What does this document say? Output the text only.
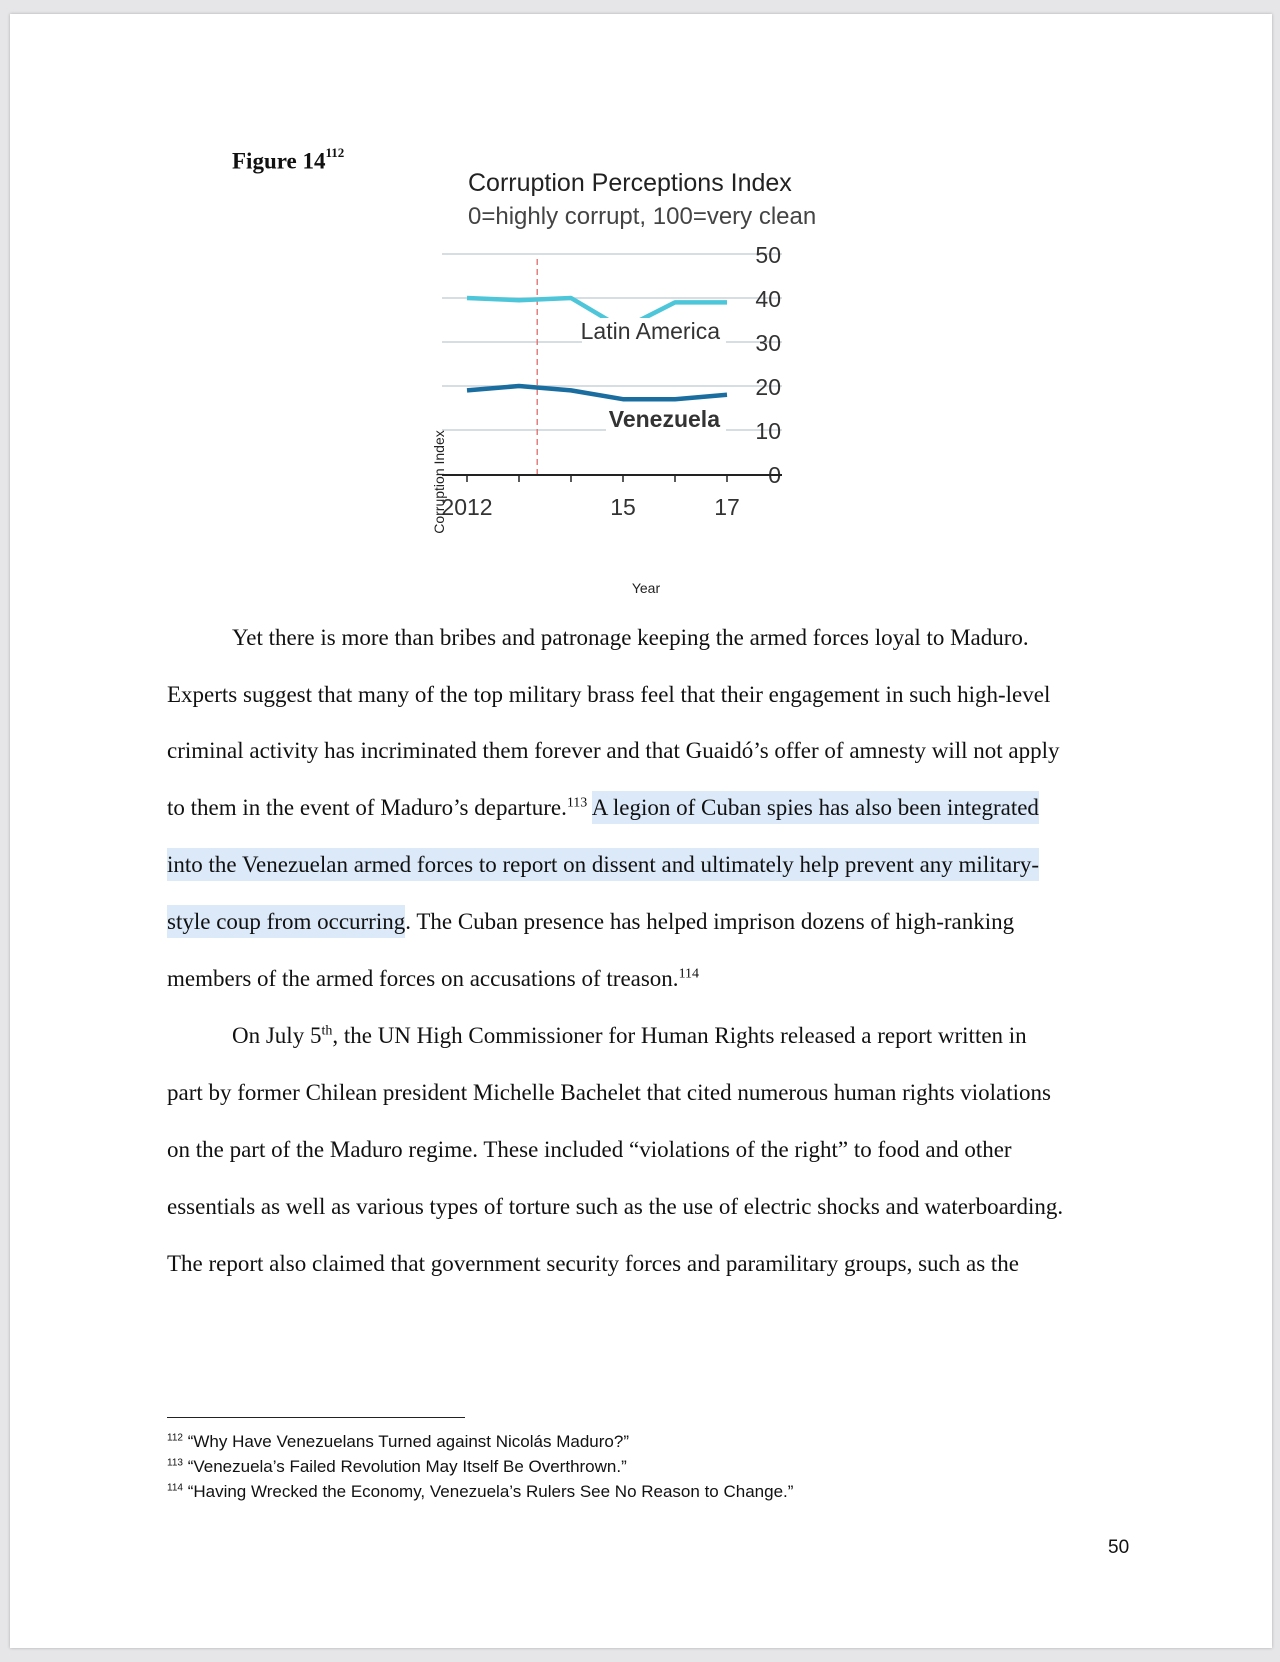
Figure $14^{112}$
Corruption Perceptions Index
0=highly corrupt, 100=very clean
0
10
20
30
40
50
Latin America
Venezuela
2012	15	17
Corruption Index
Year
Yet there is more than bribes and patronage keeping the armed forces loyal to Maduro.
Experts suggest that many of the top military brass feel that their engagement in such high-level
criminal activity has incriminated them forever and that Guaidó’s offer of amnesty will not apply
to them in the event of Maduro’s departure.$^{113}$ A legion of Cuban spies has also been integrated
into the Venezuelan armed forces to report on dissent and ultimately help prevent any military-
style coup from occurring. The Cuban presence has helped imprison dozens of high-ranking
members of the armed forces on accusations of treason.$^{114}$
On July 5th, the UN High Commissioner for Human Rights released a report written in
part by former Chilean president Michelle Bachelet that cited numerous human rights violations
on the part of the Maduro regime. These included “violations of the right” to food and other
essentials as well as various types of torture such as the use of electric shocks and waterboarding.
The report also claimed that government security forces and paramilitary groups, such as the
$^{112}$ “Why Have Venezuelans Turned against Nicolás Maduro?”
$^{113}$ “Venezuela’s Failed Revolution May Itself Be Overthrown.”
$^{114}$ “Having Wrecked the Economy, Venezuela’s Rulers See No Reason to Change.”
50
